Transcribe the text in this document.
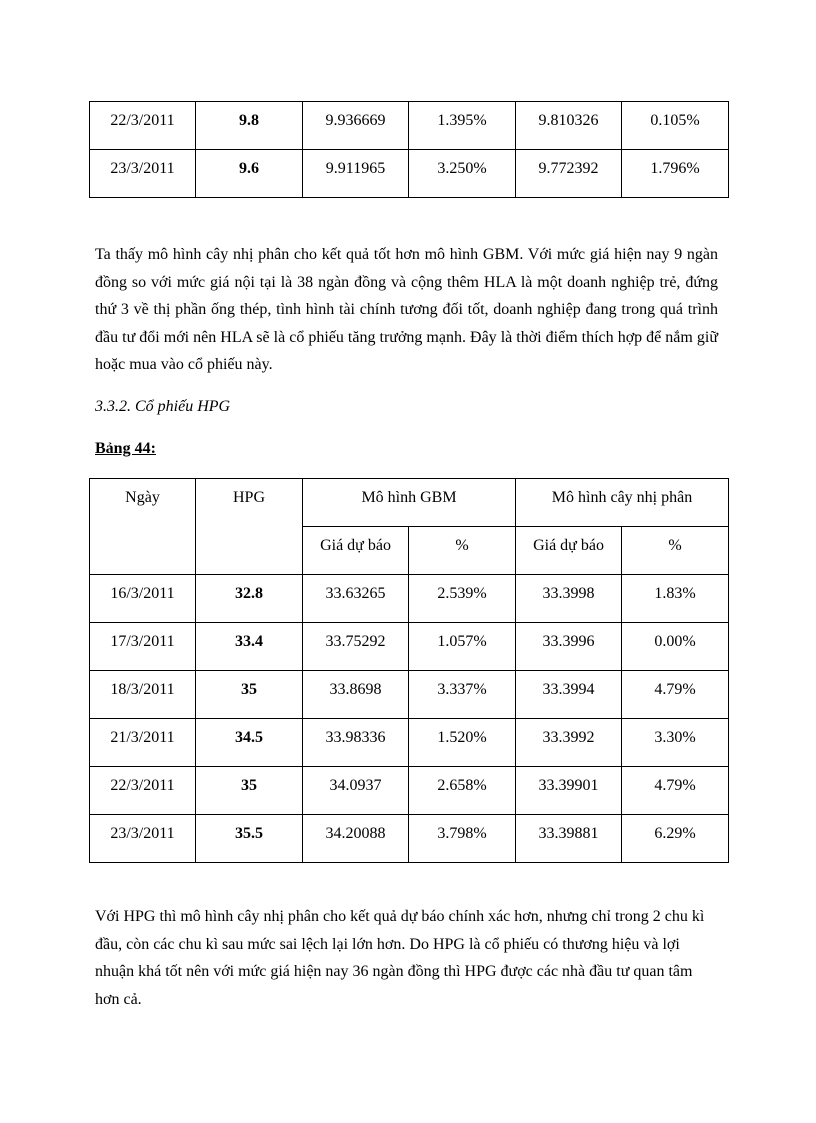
22/3/2011	9.8	9.936669	1.395%	9.810326	0.105%
23/3/2011	9.6	9.911965	3.250%	9.772392	1.796%

Ta thấy mô hình cây nhị phân cho kết quả tốt hơn mô hình GBM. Với mức giá hiện nay 9 ngàn đồng so với mức giá nội tại là 38 ngàn đồng và cộng thêm HLA là một doanh nghiệp trẻ, đứng thứ 3 về thị phần ống thép, tình hình tài chính tương đối tốt, doanh nghiệp đang trong quá trình đầu tư đổi mới nên HLA sẽ là cổ phiếu tăng trưởng mạnh. Đây là thời điểm thích hợp để nắm giữ hoặc mua vào cổ phiếu này.

3.3.2. Cổ phiếu HPG

Bảng 44:

Ngày	HPG	Mô hình GBM		Mô hình cây nhị phân	
		Giá dự báo	%	Giá dự báo	%
16/3/2011	32.8	33.63265	2.539%	33.3998	1.83%
17/3/2011	33.4	33.75292	1.057%	33.3996	0.00%
18/3/2011	35	33.8698	3.337%	33.3994	4.79%
21/3/2011	34.5	33.98336	1.520%	33.3992	3.30%
22/3/2011	35	34.0937	2.658%	33.39901	4.79%
23/3/2011	35.5	34.20088	3.798%	33.39881	6.29%

Với HPG thì mô hình cây nhị phân cho kết quả dự báo chính xác hơn, nhưng chỉ trong 2 chu kì đầu, còn các chu kì sau mức sai lệch lại lớn hơn. Do HPG là cổ phiếu có thương hiệu và lợi nhuận khá tốt nên với mức giá hiện nay 36 ngàn đồng thì HPG được các nhà đầu tư quan tâm hơn cả.
